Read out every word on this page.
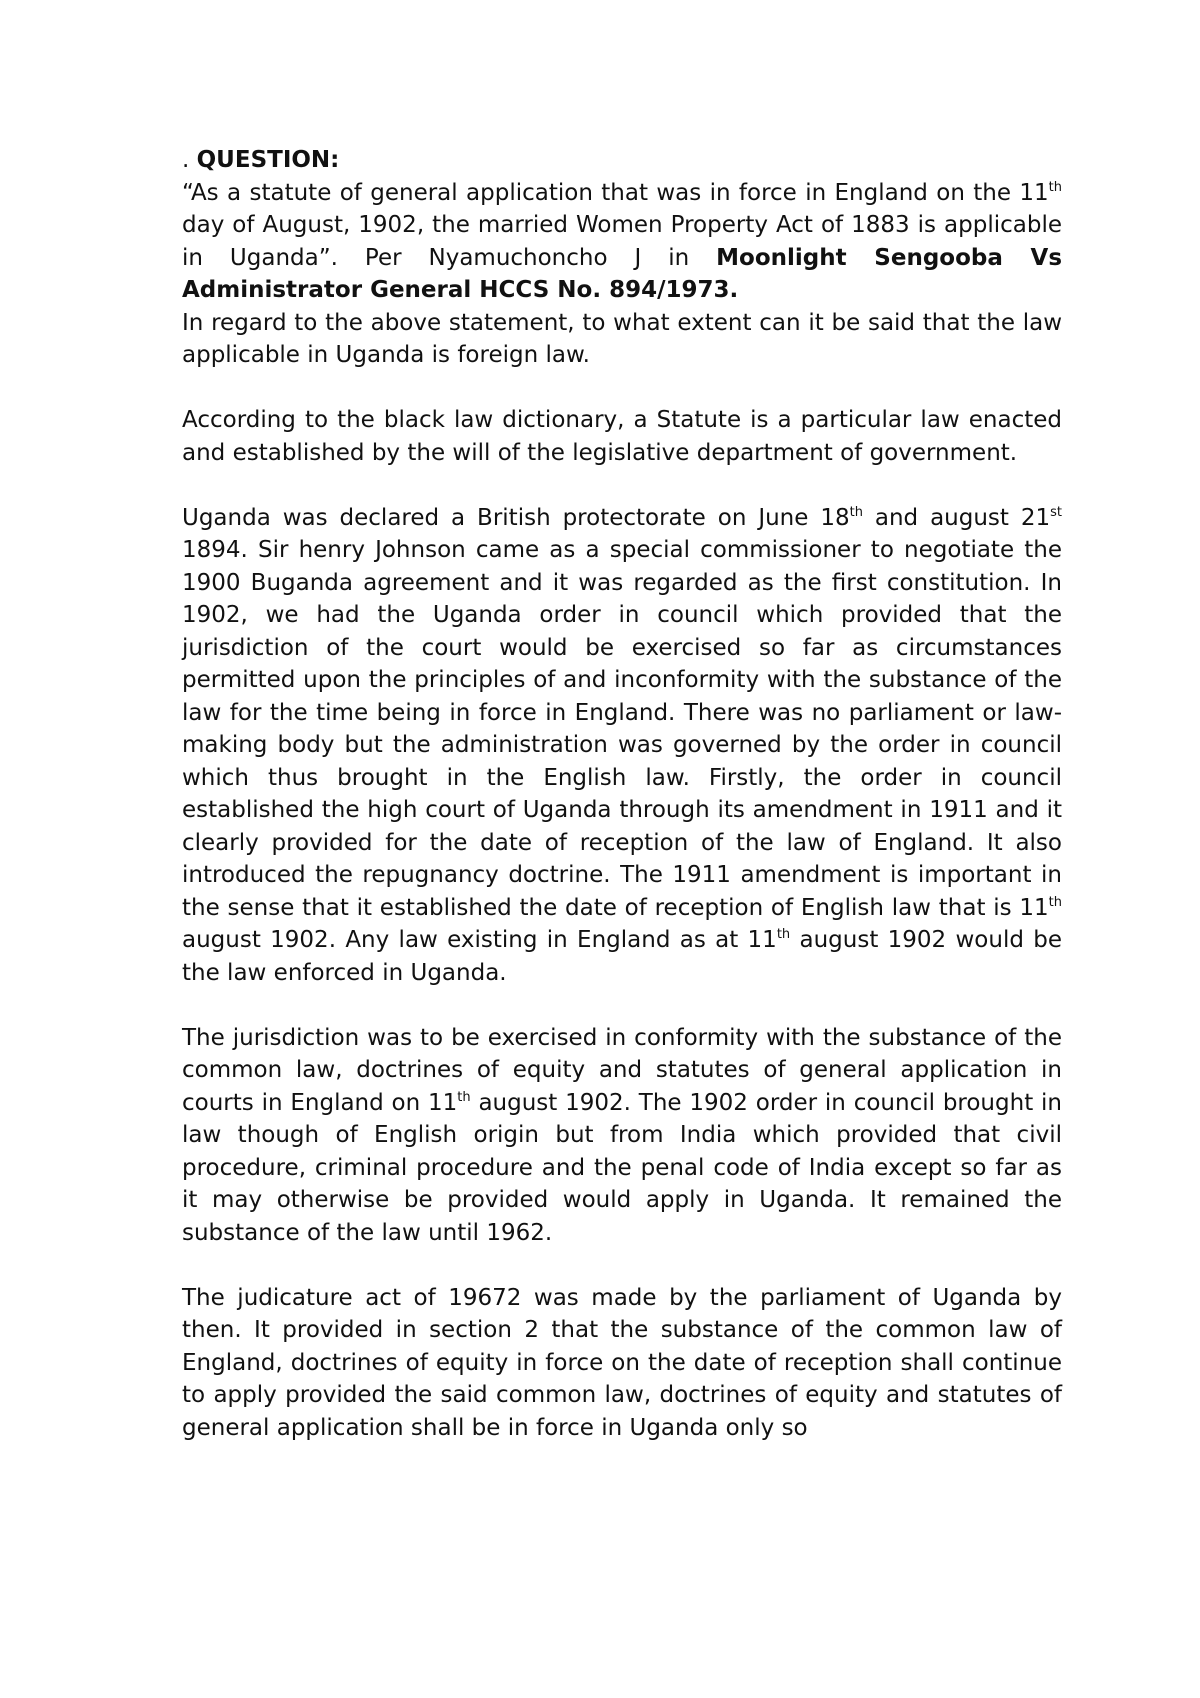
. QUESTION:
“As a statute of general application that was in force in England on the 11th day of August, 1902, the married Women Property Act of 1883 is applicable in Uganda”. Per Nyamuchoncho J in Moonlight Sengooba Vs Administrator General HCCS No. 894/1973.
In regard to the above statement, to what extent can it be said that the law applicable in Uganda is foreign law.

According to the black law dictionary, a Statute is a particular law enacted and established by the will of the legislative department of government.

Uganda was declared a British protectorate on June 18th and august 21st 1894. Sir henry Johnson came as a special commissioner to negotiate the 1900 Buganda agreement and it was regarded as the first constitution. In 1902, we had the Uganda order in council which provided that the jurisdiction of the court would be exercised so far as circumstances permitted upon the principles of and inconformity with the substance of the law for the time being in force in England. There was no parliament or law-making body but the administration was governed by the order in council which thus brought in the English law. Firstly, the order in council established the high court of Uganda through its amendment in 1911 and it clearly provided for the date of reception of the law of England. It also introduced the repugnancy doctrine. The 1911 amendment is important in the sense that it established the date of reception of English law that is 11th august 1902. Any law existing in England as at 11th august 1902 would be the law enforced in Uganda.

The jurisdiction was to be exercised in conformity with the substance of the common law, doctrines of equity and statutes of general application in courts in England on 11th august 1902. The 1902 order in council brought in law though of English origin but from India which provided that civil procedure, criminal procedure and the penal code of India except so far as it may otherwise be provided would apply in Uganda. It remained the substance of the law until 1962.

The judicature act of 19672 was made by the parliament of Uganda by then. It provided in section 2 that the substance of the common law of England, doctrines of equity in force on the date of reception shall continue to apply provided the said common law, doctrines of equity and statutes of general application shall be in force in Uganda only so
